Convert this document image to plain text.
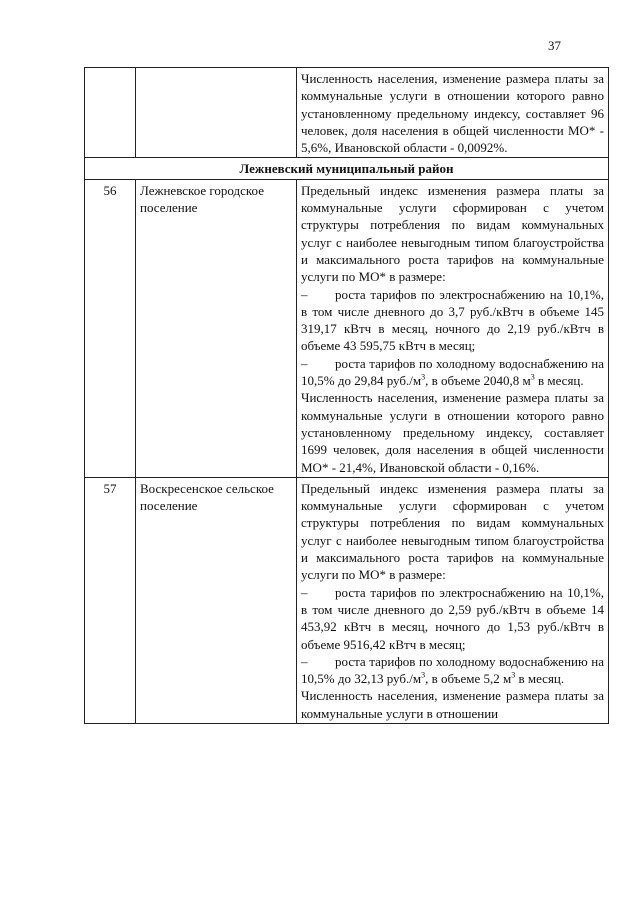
37

		Численность населения, изменение размера платы за коммунальные услуги в отношении которого равно установленному предельному индексу, составляет 96 человек, доля населения в общей численности МО* - 5,6%, Ивановской области - 0,0092%.

Лежневский муниципальный район		
56	Лежневское городское поселение	Предельный индекс изменения размера платы за коммунальные услуги сформирован с учетом структуры потребления по видам коммунальных услуг с наиболее невыгодным типом благоустройства и максимального роста тарифов на коммунальные услуги по МО* в размере:
– роста тарифов по электроснабжению на 10,1%, в том числе дневного до 3,7 руб./кВтч в объеме 145 319,17 кВтч в месяц, ночного до 2,19 руб./кВтч в объеме 43 595,75 кВтч в месяц;
– роста тарифов по холодному водоснабжению на 10,5% до 29,84 $руб./м^3$, в объеме 2040,8 $м^3$ в месяц.
Численность населения, изменение размера платы за коммунальные услуги в отношении которого равно установленному предельному индексу, составляет 1699 человек, доля населения в общей численности МО* - 21,4%, Ивановской области - 0,16%.

57	Воскресенское сельское поселение	Предельный индекс изменения размера платы за коммунальные услуги сформирован с учетом структуры потребления по видам коммунальных услуг с наиболее невыгодным типом благоустройства и максимального роста тарифов на коммунальные услуги по МО* в размере:
– роста тарифов по электроснабжению на 10,1%, в том числе дневного до 2,59 руб./кВтч в объеме 14 453,92 кВтч в месяц, ночного до 1,53 руб./кВтч в объеме 9516,42 кВтч в месяц;
– роста тарифов по холодному водоснабжению на 10,5% до 32,13 $руб./м^3$, в объеме 5,2 $м^3$ в месяц.
Численность населения, изменение размера платы за коммунальные услуги в отношении
